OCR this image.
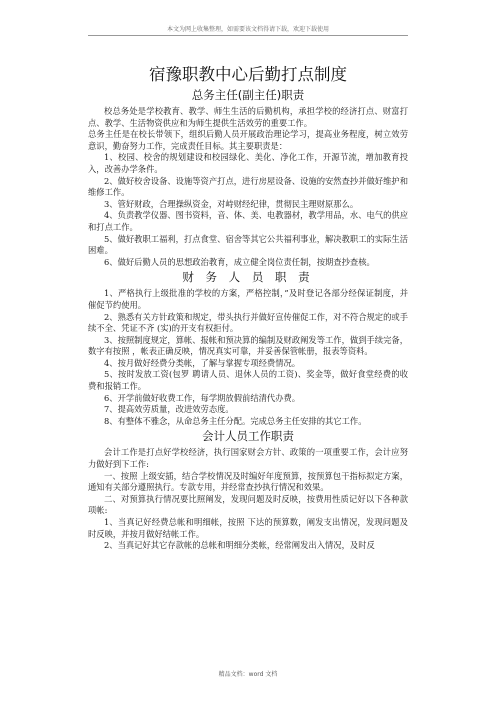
本文为网上收集整理，如需要该文档得请下载，欢迎下载使用
宿豫职教中心后勤打点制度
总务主任(副主任)职责

校总务处是学校教育、教学、师生生活的后勤机构，承担学校的经济打点、财富打点、教学、生活物资供应和为师生提供生活效劳的重要工作。

总务主任是在校长带领下，组织后勤人员开展政治理论学习，提高业务程度，树立效劳意识，勤奋努力工作，完成责任目标。其主要职责是：

1、校园、校舍的规划建设和校园绿化、美化、净化工作，开源节流，增加教育投入，改善办学条件。

2、做好校舍设备、设施等资产打点，进行房屋设备、设施的安然查抄并做好维护和维修工作。

3、管好财政，合理操纵资金，对峙财经纪律，贯彻民主理财原那么。

4、负责教学仪器、图书资料，音、体、美、电教器材，教学用品，水、电气的供应和打点工作。

5、做好教职工福利，打点食堂、宿舍等其它公共福利事业，解决教职工的实际生活困难。

6、做好后勤人员的思想政治教育，成立健全岗位责任制，按期查抄查核。

财 务 人 员 职 责

1、严格执行上级批准的学校的方案，严格控制，”及时登记各部分经保证制度，并催促节约使用。

2、熟悉有关方针政策和规定，带头执行并做好宣传催促工作，对不符合规定的或手续不全、凭证不齐 (实)的开支有权拒付。

3、按照制度规定，算帐、报帐和预决算的编制及财政阐发等工作，做到手续完备，数字有按照 ，帐表正确反映，情况真实可靠，并妥善保管帐册，报表等资料。

4、按月做好经费分类帐，了解与掌握专项经费情况。

5、按时发放工资(包罗 聘请人员、退休人员的工资)、奖金等，做好食堂经费的收费和报销工作。

6、开学前做好收费工作，每学期放假前结清代办费。

7、提高效劳质量，改进效劳态度。

8、有整体不雅念，从命总务主任分配。完成总务主任安排的其它工作。

会计人员工作职责

会计工作是打点好学校经济，执行国家财会方针、政策的一项重要工作，会计应努力做好到下工作:

一、按照 上级安插，结合学校情况及时编好年度预算，按预算包干指标拟定方案，通知有关部分遵照执行。专款专用，并经常查抄执行情况和效果。

二、对预算执行情况要比照阐发，发现问题及时反映，按费用性质记好以下各种款项帐:

1、当真记好经费总帐和明细帐，按照 下达的预算数，阐发支出情况，发现问题及时反映，并按月做好结帐工作。

2、当真记好其它存款帐的总帐和明细分类帐，经常阐发出入情况，及时反

精品文档：word 文档
